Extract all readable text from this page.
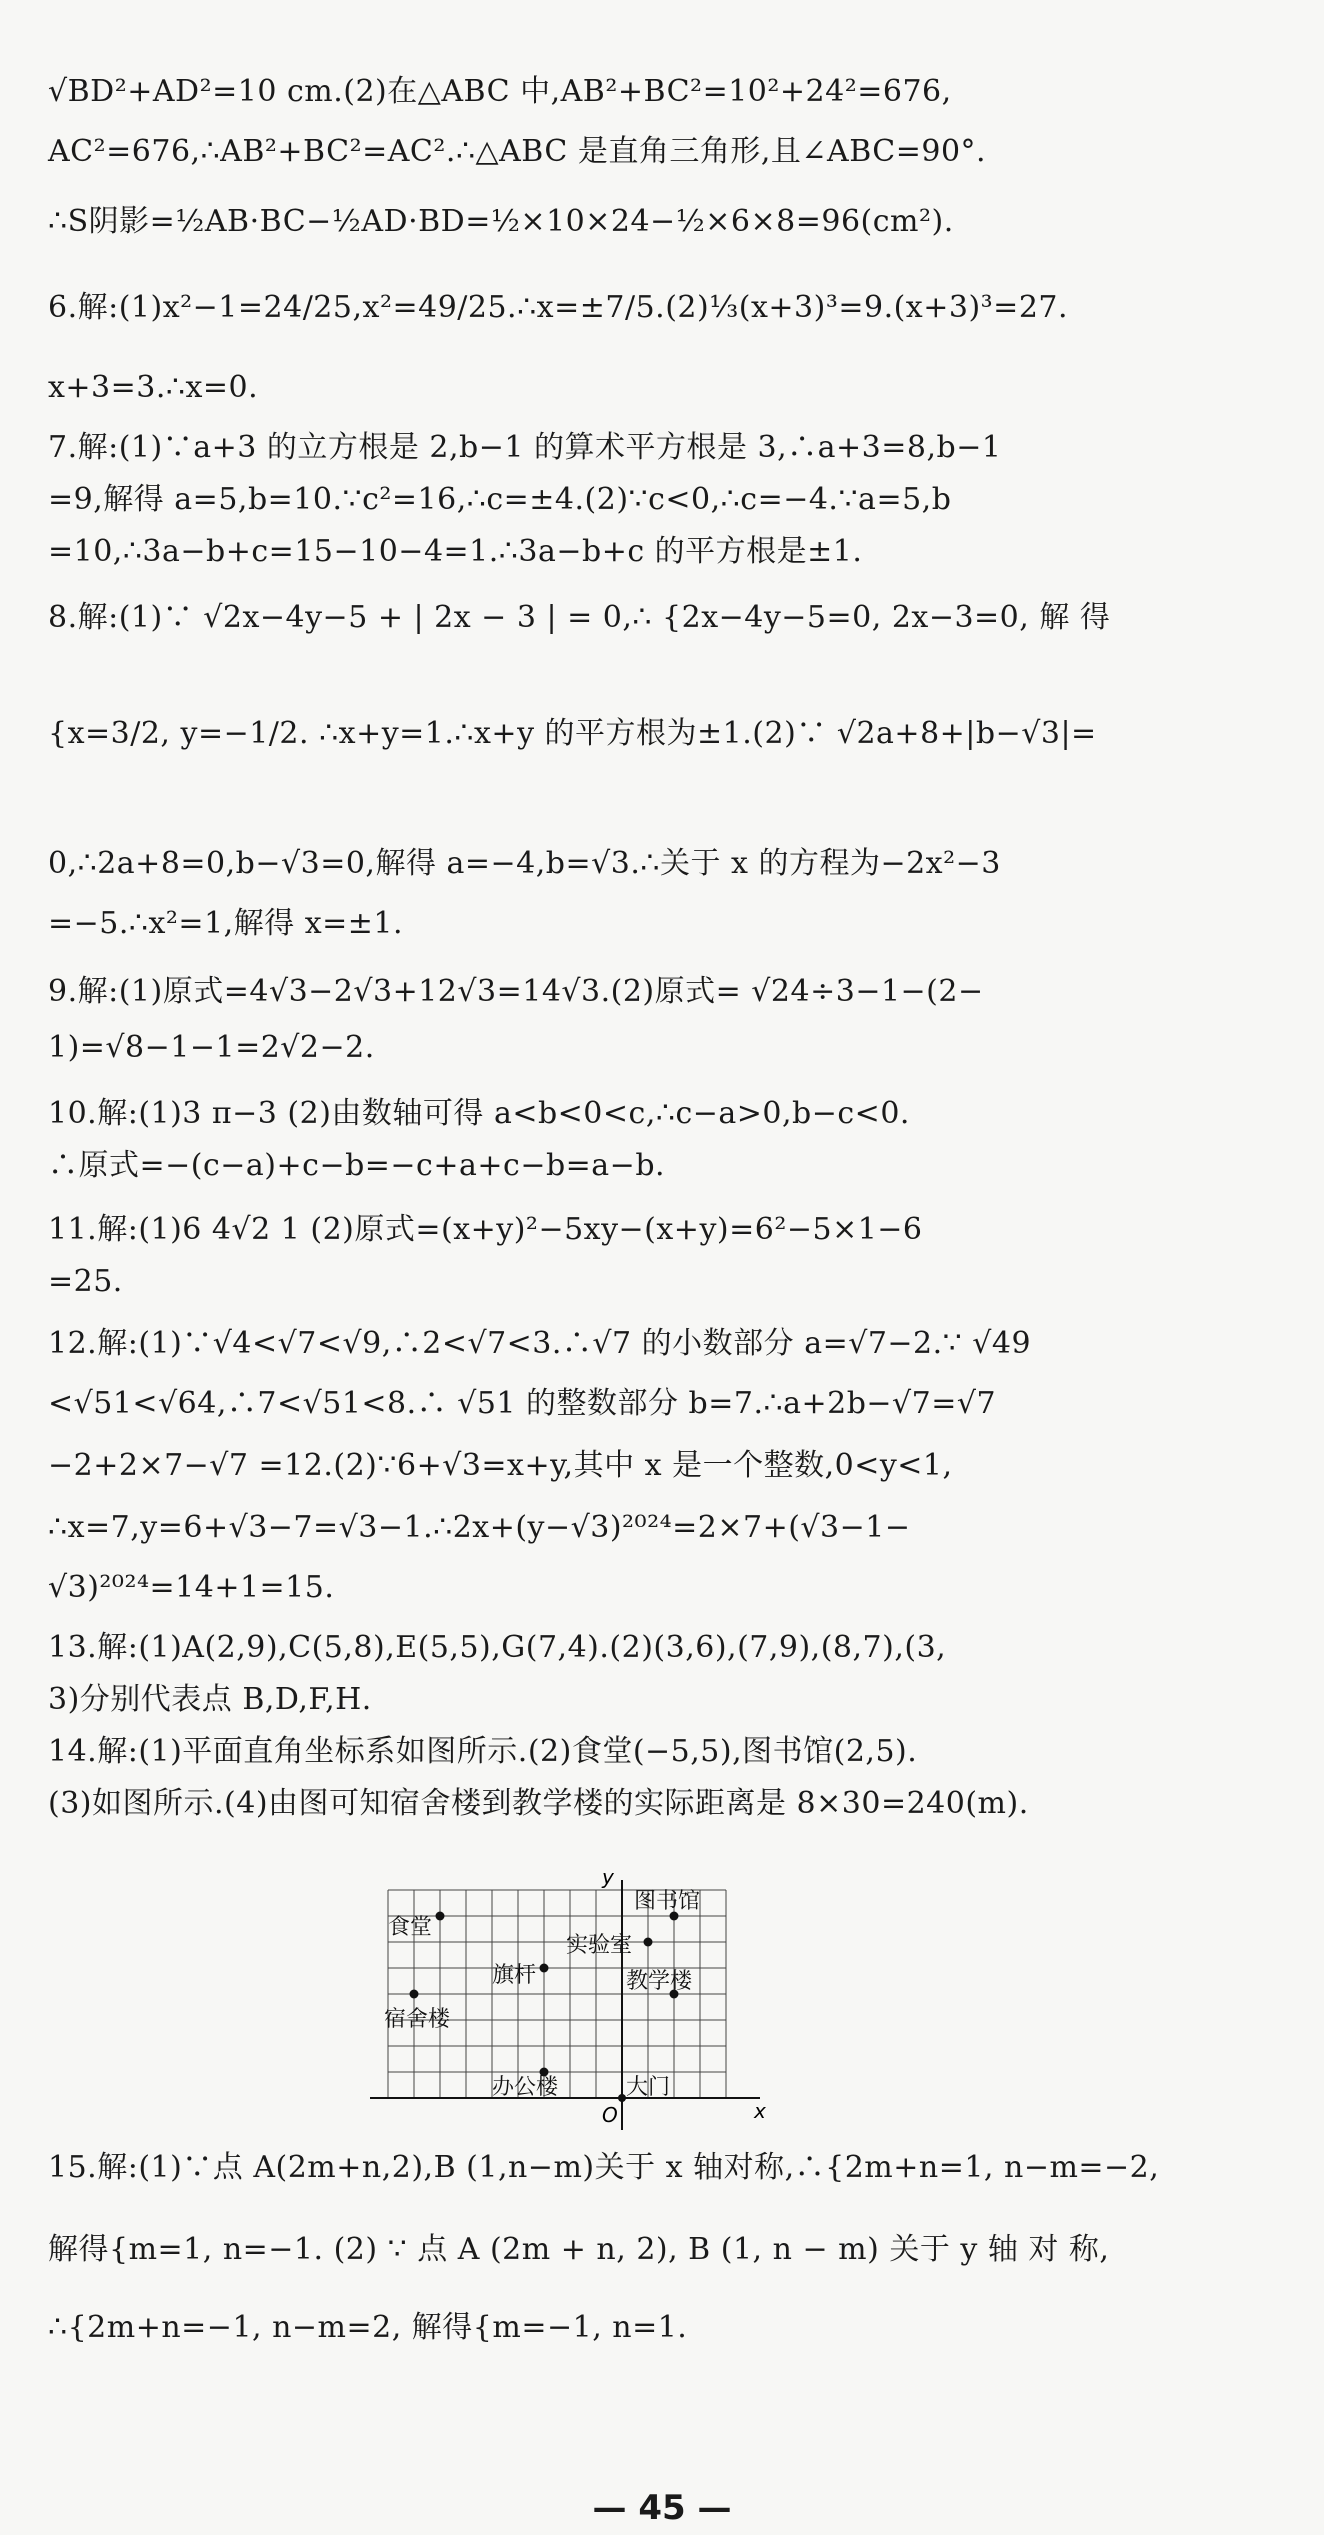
√BD²+AD²=10 cm.(2)在△ABC 中,AB²+BC²=10²+24²=676,
AC²=676,∴AB²+BC²=AC².∴△ABC 是直角三角形,且∠ABC=90°.
∴S阴影=½AB·BC−½AD·BD=½×10×24−½×6×8=96(cm²).
6.解:(1)x²−1=24/25,x²=49/25.∴x=±7/5.(2)⅓(x+3)³=9.(x+3)³=27.
x+3=3.∴x=0.
7.解:(1)∵a+3 的立方根是 2,b−1 的算术平方根是 3,∴a+3=8,b−1
=9,解得 a=5,b=10.∵c²=16,∴c=±4.(2)∵c<0,∴c=−4.∵a=5,b
=10,∴3a−b+c=15−10−4=1.∴3a−b+c 的平方根是±1.
8.解:(1)∵ √2x−4y−5 + | 2x − 3 | = 0,∴ {2x−4y−5=0, 2x−3=0, 解 得
{x=3/2, y=−1/2. ∴x+y=1.∴x+y 的平方根为±1.(2)∵ √2a+8+|b−√3|=
0,∴2a+8=0,b−√3=0,解得 a=−4,b=√3.∴关于 x 的方程为−2x²−3
=−5.∴x²=1,解得 x=±1.
9.解:(1)原式=4√3−2√3+12√3=14√3.(2)原式= √24÷3−1−(2−
1)=√8−1−1=2√2−2.
10.解:(1)3 π−3 (2)由数轴可得 a<b<0<c,∴c−a>0,b−c<0.
∴原式=−(c−a)+c−b=−c+a+c−b=a−b.
11.解:(1)6 4√2 1 (2)原式=(x+y)²−5xy−(x+y)=6²−5×1−6
=25.
12.解:(1)∵√4<√7<√9,∴2<√7<3.∴√7 的小数部分 a=√7−2.∵ √49
<√51<√64,∴7<√51<8.∴ √51 的整数部分 b=7.∴a+2b−√7=√7
−2+2×7−√7 =12.(2)∵6+√3=x+y,其中 x 是一个整数,0<y<1,
∴x=7,y=6+√3−7=√3−1.∴2x+(y−√3)²⁰²⁴=2×7+(√3−1−
√3)²⁰²⁴=14+1=15.
13.解:(1)A(2,9),C(5,8),E(5,5),G(7,4).(2)(3,6),(7,9),(8,7),(3,
3)分别代表点 B,D,F,H.
14.解:(1)平面直角坐标系如图所示.(2)食堂(−5,5),图书馆(2,5).
(3)如图所示.(4)由图可知宿舍楼到教学楼的实际距离是 8×30=240(m).
15.解:(1)∵点 A(2m+n,2),B (1,n−m)关于 x 轴对称,∴{2m+n=1, n−m=−2,
解得{m=1, n=−1. (2) ∵ 点 A (2m + n, 2), B (1, n − m) 关于 y 轴 对 称,
∴{2m+n=−1, n−m=2, 解得{m=−1, n=1.
y
x
O
图书馆
食堂
实验室
旗杆	教学楼
宿舍楼
办公楼	大门
— 45 —
